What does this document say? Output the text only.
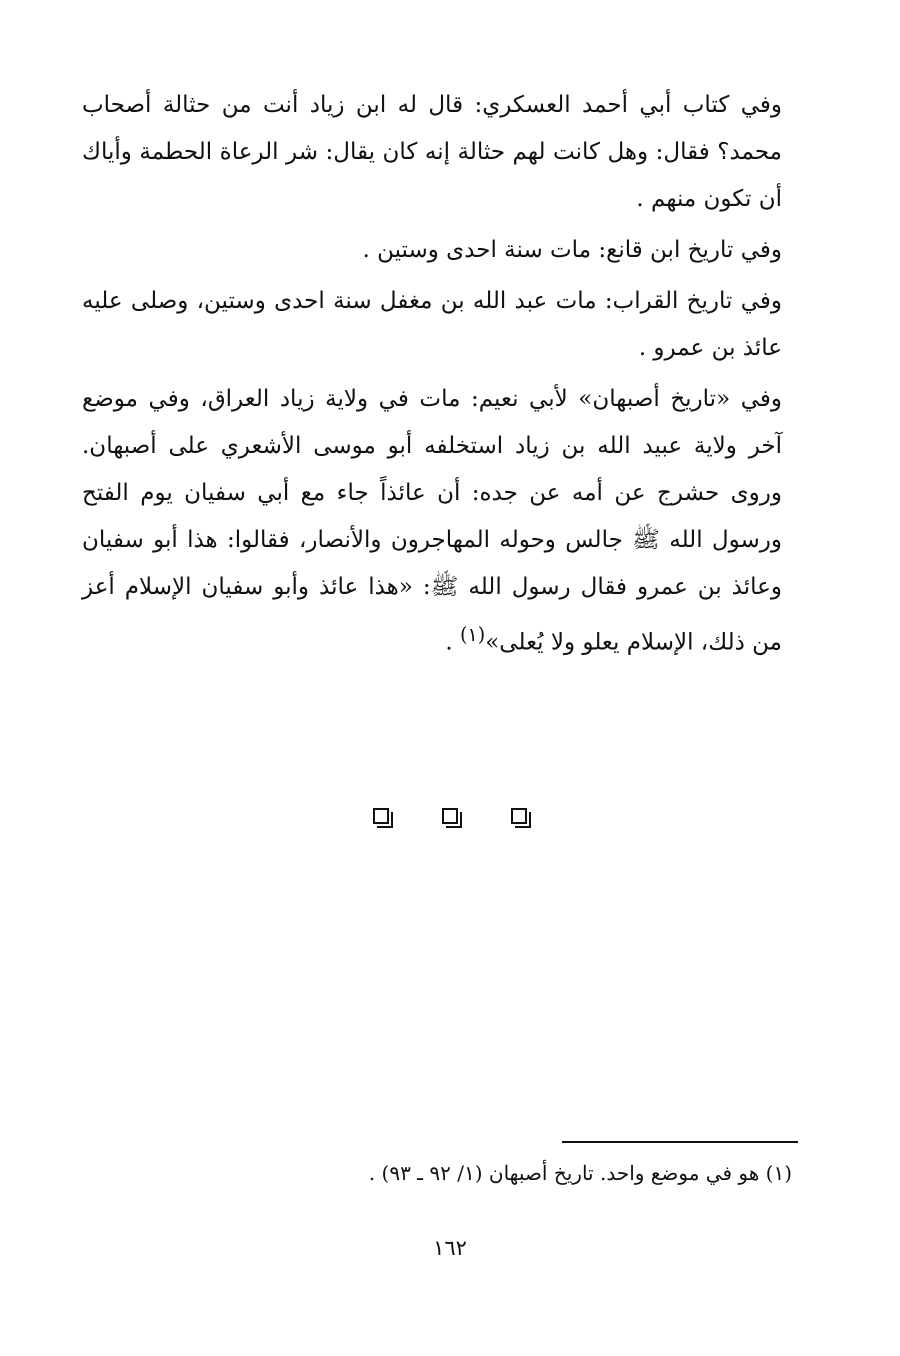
وفي كتاب أبي أحمد العسكري: قال له ابن زياد أنت من حثالة أصحاب محمد؟ فقال: وهل كانت لهم حثالة إنه كان يقال: شر الرعاة الحطمة وأياك أن تكون منهم .

وفي تاريخ ابن قانع: مات سنة احدى وستين .

وفي تاريخ القراب: مات عبد الله بن مغفل سنة احدى وستين، وصلى عليه عائذ بن عمرو .

وفي «تاريخ أصبهان» لأبي نعيم: مات في ولاية زياد العراق، وفي موضع آخر ولاية عبيد الله بن زياد استخلفه أبو موسى الأشعري على أصبهان. وروى حشرج عن أمه عن جده: أن عائذاً جاء مع أبي سفيان يوم الفتح ورسول الله ﷺ جالس وحوله المهاجرون والأنصار، فقالوا: هذا أبو سفيان وعائذ بن عمرو فقال رسول الله ﷺ: «هذا عائذ وأبو سفيان الإسلام أعز من ذلك، الإسلام يعلو ولا يُعلى»$^{(١)}$ .

(١) هو في موضع واحد. تاريخ أصبهان (١/ ٩٢ ـ ٩٣) .
١٦٢
